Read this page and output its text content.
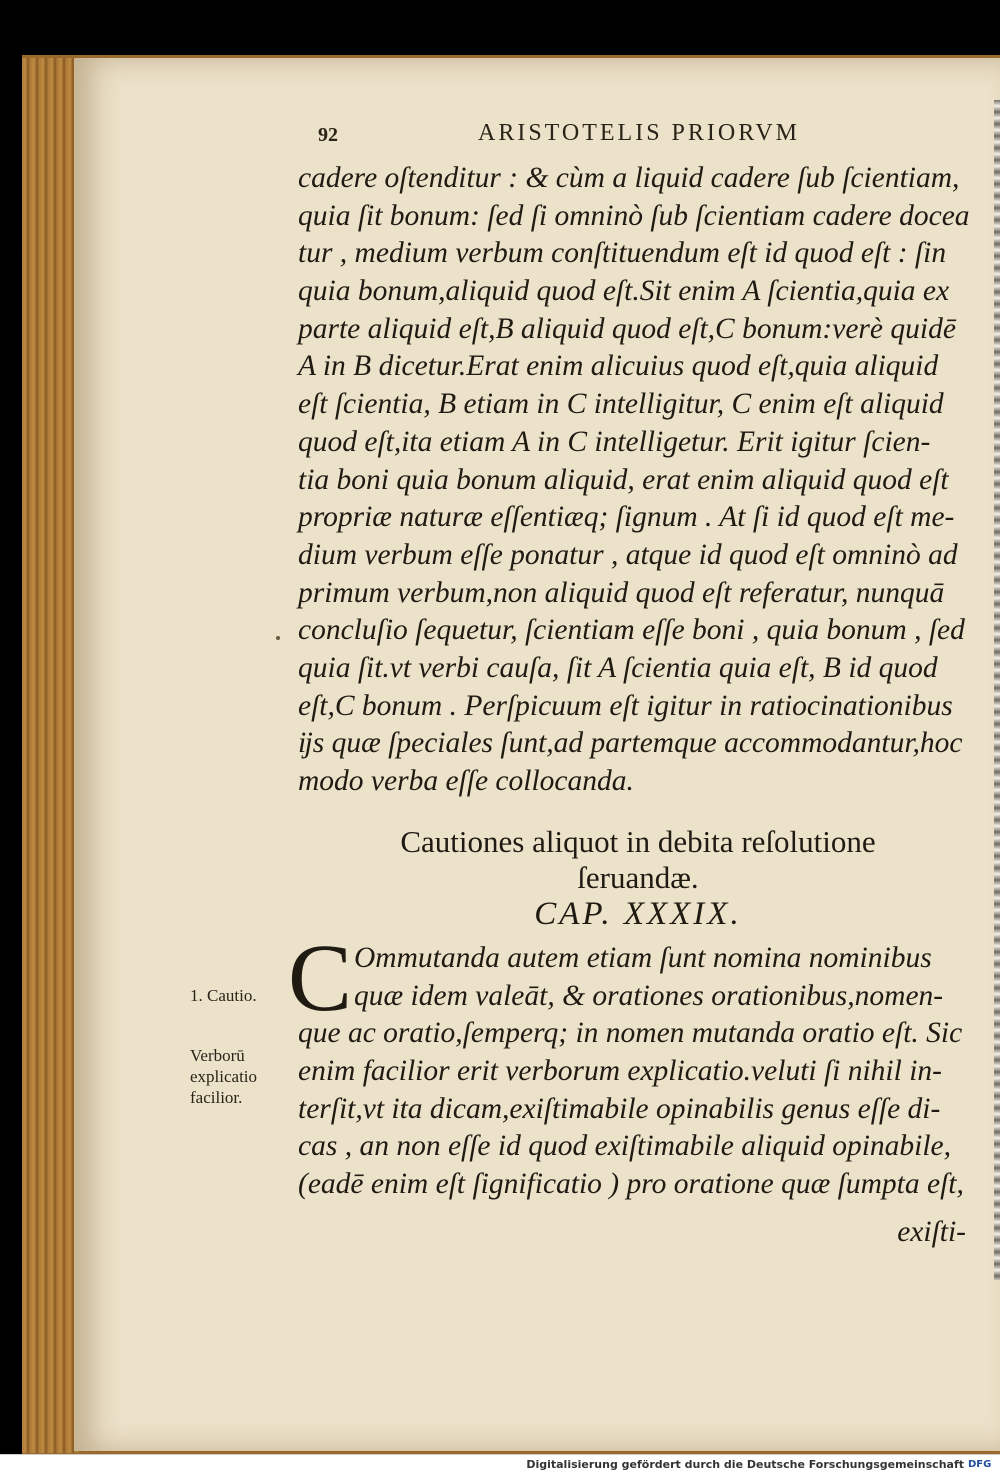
92	ARISTOTELIS PRIORVM
cadere oſtenditur : & cùm a liquid cadere ſub ſcientiam,
quia ſit bonum: ſed ſi omninò ſub ſcientiam cadere doceа
tur , medium verbum conſtituendum eſt id quod eſt : ſin
quia bonum,aliquid quod eſt.Sit enim A ſcientia,quia ex
parte aliquid eſt,B aliquid quod eſt,C bonum:verè quidē
A in B dicetur.Erat enim alicuius quod eſt,quia aliquid
eſt ſcientia, B etiam in C intelligitur, C enim eſt aliquid
quod eſt,ita etiam A in C intelligetur. Erit igitur ſcien-
tia boni quia bonum aliquid, erat enim aliquid quod eſt
propriæ naturæ eſſentiæq; ſignum . At ſi id quod eſt me-
dium verbum eſſe ponatur , atque id quod eſt omninò ad
primum verbum,non aliquid quod eſt referatur, nunquā
concluſio ſequetur, ſcientiam eſſe boni , quia bonum , ſed
quia ſit.vt verbi cauſa, ſit A ſcientia quia eſt, B id quod
eſt,C bonum . Perſpicuum eſt igitur in ratiocinationibus
ĳs quæ ſpeciales ſunt,ad partemque accommodantur,hoc
modo verba eſſe collocanda.
Cautiones aliquot in debita reſolutione
ſeruandæ.
CAP. XXXIX.
C Ommutanda autem etiam ſunt nomina nominibus
quæ idem valeāt, & orationes orationibus,nomen-
que ac oratio,ſemperq; in nomen mutanda oratio eſt. Sic
enim facilior erit verborum explicatio.veluti ſi nihil in-
terſit,vt ita dicam,exiſtimabile opinabilis genus eſſe di-
cas , an non eſſe id quod exiſtimabile aliquid opinabile,
(eadē enim eſt ſignificatio ) pro oratione quæ ſumpta eſt,
exiſti-
1. Cautio.
Verborū
explicatio
facilior.
Digitalisierung gefördert durch die Deutsche Forschungsgemeinschaft DFG
